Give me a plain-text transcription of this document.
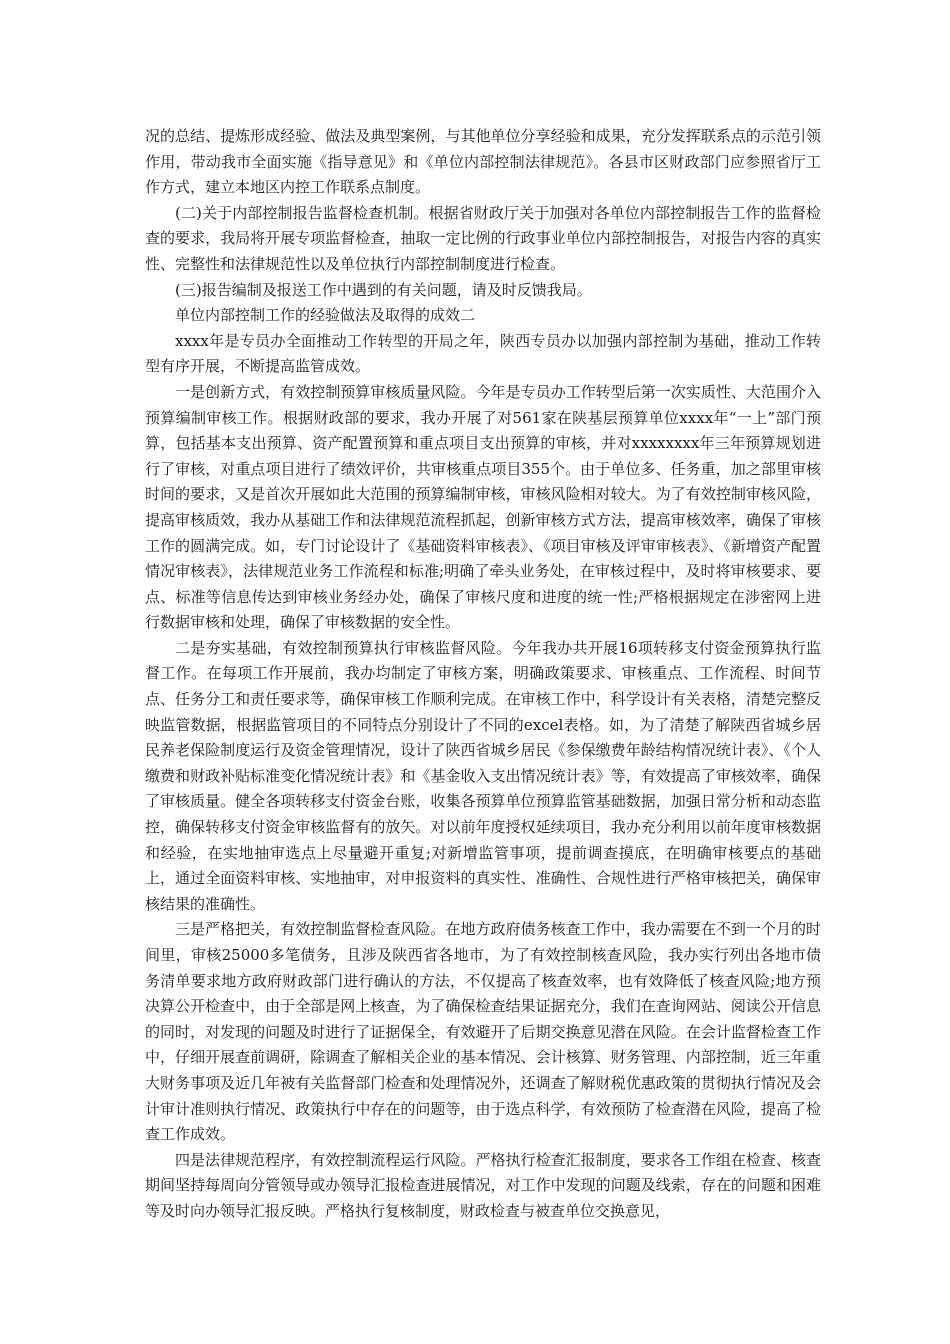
况的总结、提炼形成经验、做法及典型案例，与其他单位分享经验和成果，充分发挥联系点的示范引领作用，带动我市全面实施《指导意见》和《单位内部控制法律规范》。各县市区财政部门应参照省厅工作方式，建立本地区内控工作联系点制度。

(二)关于内部控制报告监督检查机制。根据省财政厅关于加强对各单位内部控制报告工作的监督检查的要求，我局将开展专项监督检查，抽取一定比例的行政事业单位内部控制报告，对报告内容的真实性、完整性和法律规范性以及单位执行内部控制制度进行检查。

(三)报告编制及报送工作中遇到的有关问题，请及时反馈我局。

单位内部控制工作的经验做法及取得的成效二

xxxx年是专员办全面推动工作转型的开局之年，陕西专员办以加强内部控制为基础，推动工作转型有序开展，不断提高监管成效。

一是创新方式，有效控制预算审核质量风险。今年是专员办工作转型后第一次实质性、大范围介入预算编制审核工作。根据财政部的要求，我办开展了对561家在陕基层预算单位xxxx年“一上”部门预算，包括基本支出预算、资产配置预算和重点项目支出预算的审核，并对xxxxxxxx年三年预算规划进行了审核，对重点项目进行了绩效评价，共审核重点项目355个。由于单位多、任务重，加之部里审核时间的要求，又是首次开展如此大范围的预算编制审核，审核风险相对较大。为了有效控制审核风险，提高审核质效，我办从基础工作和法律规范流程抓起，创新审核方式方法，提高审核效率，确保了审核工作的圆满完成。如，专门讨论设计了《基础资料审核表》、《项目审核及评审审核表》、《新增资产配置情况审核表》，法律规范业务工作流程和标准;明确了牵头业务处，在审核过程中，及时将审核要求、要点、标准等信息传达到审核业务经办处，确保了审核尺度和进度的统一性;严格根据规定在涉密网上进行数据审核和处理，确保了审核数据的安全性。

二是夯实基础，有效控制预算执行审核监督风险。今年我办共开展16项转移支付资金预算执行监督工作。在每项工作开展前，我办均制定了审核方案，明确政策要求、审核重点、工作流程、时间节点、任务分工和责任要求等，确保审核工作顺利完成。在审核工作中，科学设计有关表格，清楚完整反映监管数据，根据监管项目的不同特点分别设计了不同的excel表格。如，为了清楚了解陕西省城乡居民养老保险制度运行及资金管理情况，设计了陕西省城乡居民《参保缴费年龄结构情况统计表》、《个人缴费和财政补贴标准变化情况统计表》和《基金收入支出情况统计表》等，有效提高了审核效率，确保了审核质量。健全各项转移支付资金台账，收集各预算单位预算监管基础数据，加强日常分析和动态监控，确保转移支付资金审核监督有的放矢。对以前年度授权延续项目，我办充分利用以前年度审核数据和经验，在实地抽审选点上尽量避开重复;对新增监管事项，提前调查摸底，在明确审核要点的基础上，通过全面资料审核、实地抽审，对申报资料的真实性、准确性、合规性进行严格审核把关，确保审核结果的准确性。

三是严格把关，有效控制监督检查风险。在地方政府债务核查工作中，我办需要在不到一个月的时间里，审核25000多笔债务，且涉及陕西省各地市，为了有效控制核查风险，我办实行列出各地市债务清单要求地方政府财政部门进行确认的方法，不仅提高了核查效率，也有效降低了核查风险;地方预决算公开检查中，由于全部是网上核查，为了确保检查结果证据充分，我们在查询网站、阅读公开信息的同时，对发现的问题及时进行了证据保全，有效避开了后期交换意见潜在风险。在会计监督检查工作中，仔细开展查前调研，除调查了解相关企业的基本情况、会计核算、财务管理、内部控制，近三年重大财务事项及近几年被有关监督部门检查和处理情况外，还调查了解财税优惠政策的贯彻执行情况及会计审计准则执行情况、政策执行中存在的问题等，由于选点科学，有效预防了检查潜在风险，提高了检查工作成效。

四是法律规范程序，有效控制流程运行风险。严格执行检查汇报制度，要求各工作组在检查、核查期间坚持每周向分管领导或办领导汇报检查进展情况，对工作中发现的问题及线索，存在的问题和困难等及时向办领导汇报反映。严格执行复核制度，财政检查与被查单位交换意见，
